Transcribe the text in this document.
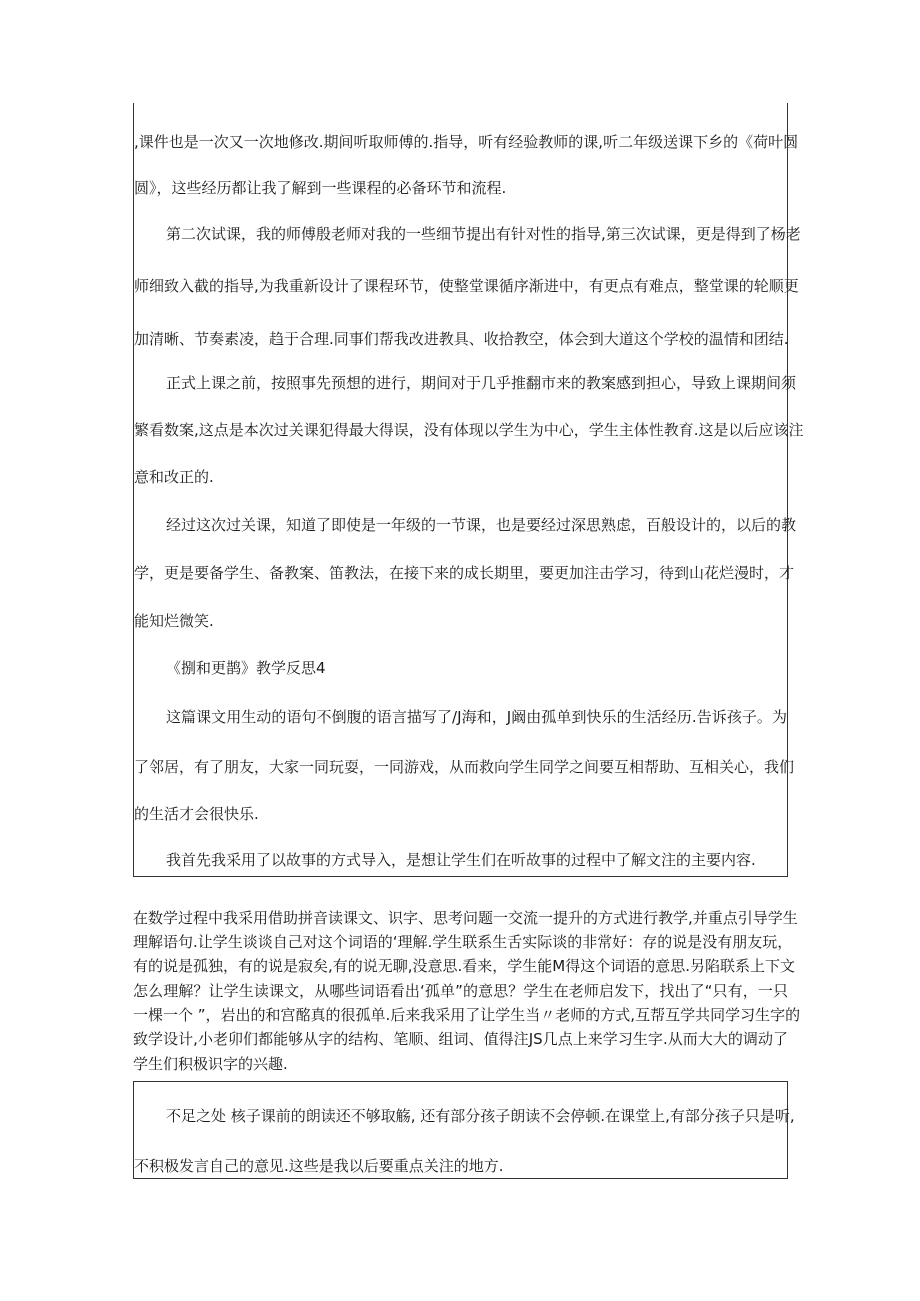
,课件也是一次又一次地修改.期间听取师傅的.指导，听有经验教师的课,听二年级送课下乡的《荷叶圆
圆》，这些经历都让我了解到一些课程的必备环节和流程.
第二次试课，我的师傅殷老师对我的一些细节提出有针对性的指导,第三次试课，更是得到了杨老
师细致入截的指导,为我重新设计了课程环节，使整堂课循序渐进中，有更点有难点，整堂课的轮顺更
加清晰、节奏素凌，趋于合理.同事们帮我改进教具、收拾教空，体会到大道这个学校的温情和团结.
正式上课之前，按照事先预想的进行，期间对于几乎推翻市来的教案感到担心，导致上课期间须
繁看数案,这点是本次过关课犯得最大得误，没有体现以学生为中心，学生主体性教育.这是以后应该注
意和改正的.
经过这次过关课，知道了即使是一年级的一节课，也是要经过深思熟虑，百般设计的，以后的教
学，更是要备学生、备教案、笛教法，在接下来的成长期里，要更加注击学习，待到山花烂漫时，才
能知烂微笑.
《捌和更鹊》教学反思4
这篇课文用生动的语句不倒腹的语言描写了/J海和，J阚由孤单到快乐的生活经历.告诉孩子。为
了邻居，有了朋友，大家一同玩耍，一同游戏，从而救向学生同学之间要互相帮助、互相关心，我们
的生活才会很快乐.
我首先我采用了以故事的方式导入，是想让学生们在听故事的过程中了解文注的主要内容.
在数学过程中我采用借助拼音读课文、识字、思考问题一交流一提升的方式进行教学,并重点引导学生
理解语句.让学生谈谈自己对这个词语的‘理解.学生联系生舌实际谈的非常好：存的说是没有朋友玩，
有的说是孤独，有的说是寂矣,有的说无聊,没意思.看来，学生能M得这个词语的意思.另陷联系上下文
怎么理解？让学生读课文，从哪些词语看出‘孤单”的意思？学生在老师启发下，找出了“只有，一只
一棵一个 ”，岩出的和宫酩真的很孤单.后来我采用了让学生当〃老师的方式,互帮互学共同学习生字的
致学设计,小老卯们都能够从字的结构、笔顺、组词、值得注JS几点上来学习生字.从而大大的调动了
学生们积极识字的兴趣.
不足之处 核子课前的朗读还不够取觞, 还有部分孩子朗读不会停顿.在课堂上,有部分孩子只是听,
不积极发言自己的意见.这些是我以后要重点关注的地方.
